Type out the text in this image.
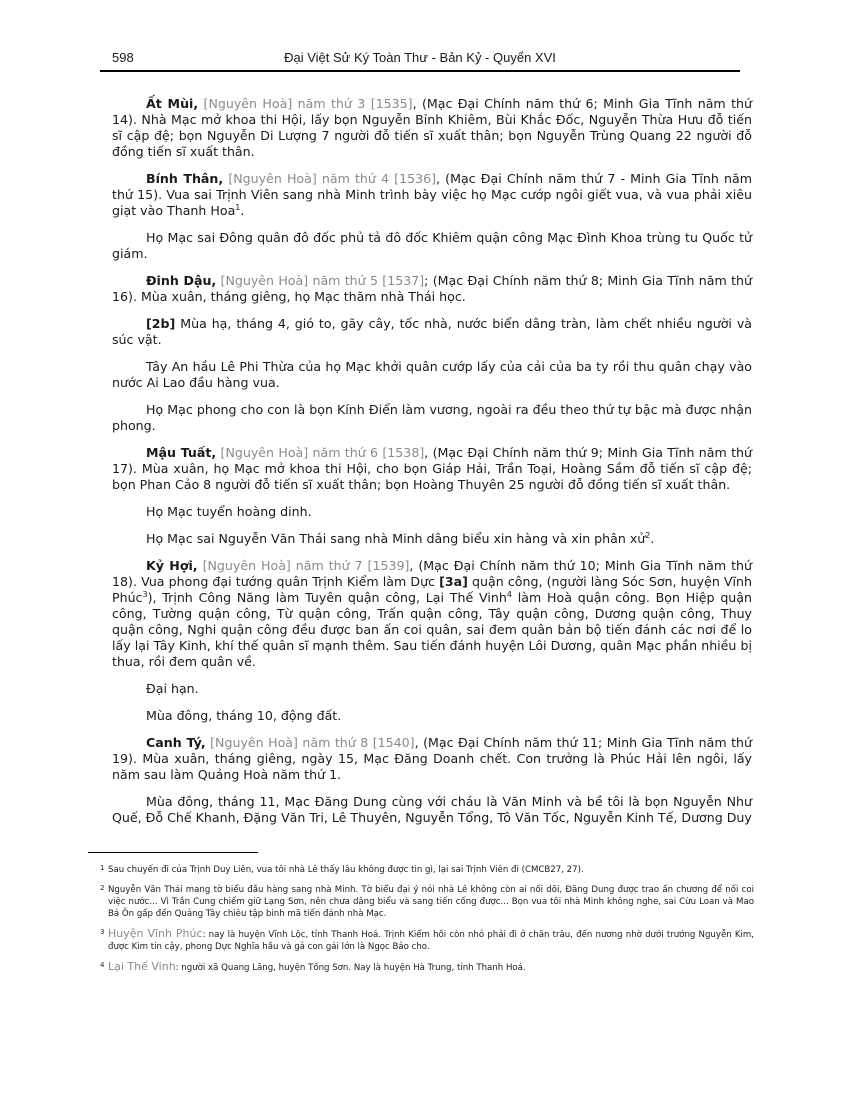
598	Đại Việt Sử Ký Toàn Thư - Bản Kỷ - Quyển XVI

Ất Mùi, [Nguyên Hoà] năm thứ 3 [1535], (Mạc Đại Chính năm thứ 6; Minh Gia Tĩnh năm thứ 14). Nhà Mạc mở khoa thi Hội, lấy bọn Nguyễn Bỉnh Khiêm, Bùi Khắc Đốc, Nguyễn Thừa Hưu đỗ tiến sĩ cập đệ; bọn Nguyễn Di Lượng 7 người đỗ tiến sĩ xuất thân; bọn Nguyễn Trùng Quang 22 người đỗ đồng tiến sĩ xuất thân.

Bính Thân, [Nguyên Hoà] năm thứ 4 [1536], (Mạc Đại Chính năm thứ 7 - Minh Gia Tĩnh năm thứ 15). Vua sai Trịnh Viên sang nhà Minh trình bày việc họ Mạc cướp ngôi giết vua, và vua phải xiêu giạt vào Thanh Hoa$^1$.

Họ Mạc sai Đông quân đô đốc phủ tả đô đốc Khiêm quận công Mạc Đình Khoa trùng tu Quốc tử giám.

Đinh Dậu, [Nguyên Hoà] năm thứ 5 [1537]; (Mạc Đại Chính năm thứ 8; Minh Gia Tĩnh năm thứ 16). Mùa xuân, tháng giêng, họ Mạc thăm nhà Thái học.

[2b] Mùa hạ, tháng 4, gió to, gãy cây, tốc nhà, nước biển dâng tràn, làm chết nhiều người và súc vật.

Tây An hầu Lê Phi Thừa của họ Mạc khởi quân cướp lấy của cải của ba ty rồi thu quân chạy vào nước Ai Lao đầu hàng vua.

Họ Mạc phong cho con là bọn Kính Điển làm vương, ngoài ra đều theo thứ tự bậc mà được nhận phong.

Mậu Tuất, [Nguyên Hoà] năm thứ 6 [1538], (Mạc Đại Chính năm thứ 9; Minh Gia Tĩnh năm thứ 17). Mùa xuân, họ Mạc mở khoa thi Hội, cho bọn Giáp Hải, Trần Toại, Hoàng Sầm đỗ tiến sĩ cập đệ; bọn Phan Cảo 8 người đỗ tiến sĩ xuất thân; bọn Hoàng Thuyên 25 người đỗ đồng tiến sĩ xuất thân.

Họ Mạc tuyển hoàng dinh.

Họ Mạc sai Nguyễn Văn Thái sang nhà Minh dâng biểu xin hàng và xin phân xử$^2$.

Kỷ Hợi, [Nguyên Hoà] năm thứ 7 [1539], (Mạc Đại Chính năm thứ 10; Minh Gia Tĩnh năm thứ 18). Vua phong đại tướng quân Trịnh Kiểm làm Dực [3a] quận công, (người làng Sóc Sơn, huyện Vĩnh Phúc$^3$), Trịnh Công Năng làm Tuyên quận công, Lại Thế Vinh$^4$ làm Hoà quận công. Bọn Hiệp quận công, Tường quận công, Từ quận công, Trấn quận công, Tây quận công, Dương quận công, Thuy quận công, Nghi quận công đều được ban ấn coi quân, sai đem quân bản bộ tiến đánh các nơi để lo lấy lại Tây Kinh, khí thế quân sĩ mạnh thêm. Sau tiến đánh huyện Lôi Dương, quân Mạc phần nhiều bị thua, rồi đem quân về.

Đại hạn.

Mùa đông, tháng 10, động đất.

Canh Tý, [Nguyên Hoà] năm thứ 8 [1540], (Mạc Đại Chính năm thứ 11; Minh Gia Tĩnh năm thứ 19). Mùa xuân, tháng giêng, ngày 15, Mạc Đăng Doanh chết. Con trưởng là Phúc Hải lên ngôi, lấy năm sau làm Quảng Hoà năm thứ 1.

Mùa đông, tháng 11, Mạc Đăng Dung cùng với cháu là Văn Minh và bề tôi là bọn Nguyễn Như Quế, Đỗ Chế Khanh, Đặng Văn Tri, Lê Thuyên, Nguyễn Tổng, Tô Văn Tốc, Nguyễn Kinh Tế, Dương Duy

1 Sau chuyến đi của Trịnh Duy Liên, vua tôi nhà Lê thấy lâu không được tin gì, lại sai Trịnh Viên đi (CMCB27, 27).
2 Nguyễn Văn Thái mang tờ biểu đầu hàng sang nhà Minh. Tờ biểu đại ý nói nhà Lê không còn ai nối dõi, Đăng Dung được trao ấn chương để nối coi việc nước... Vì Trần Cung chiếm giữ Lạng Sơn, nên chưa dâng biểu và sang tiến cống được... Bọn vua tôi nhà Minh không nghe, sai Cừu Loan và Mao Bá Ôn gấp đến Quảng Tây chiêu tập binh mã tiến đánh nhà Mạc.
3 Huyện Vĩnh Phúc: nay là huyện Vĩnh Lộc, tỉnh Thanh Hoá. Trịnh Kiểm hồi còn nhỏ phải đi ở chăn trâu, đến nương nhờ dưới trướng Nguyễn Kim, được Kim tin cậy, phong Dực Nghĩa hầu và gả con gái lớn là Ngọc Bảo cho.
4 Lại Thế Vinh: người xã Quang Lãng, huyện Tống Sơn. Nay là huyện Hà Trung, tỉnh Thanh Hoá.
